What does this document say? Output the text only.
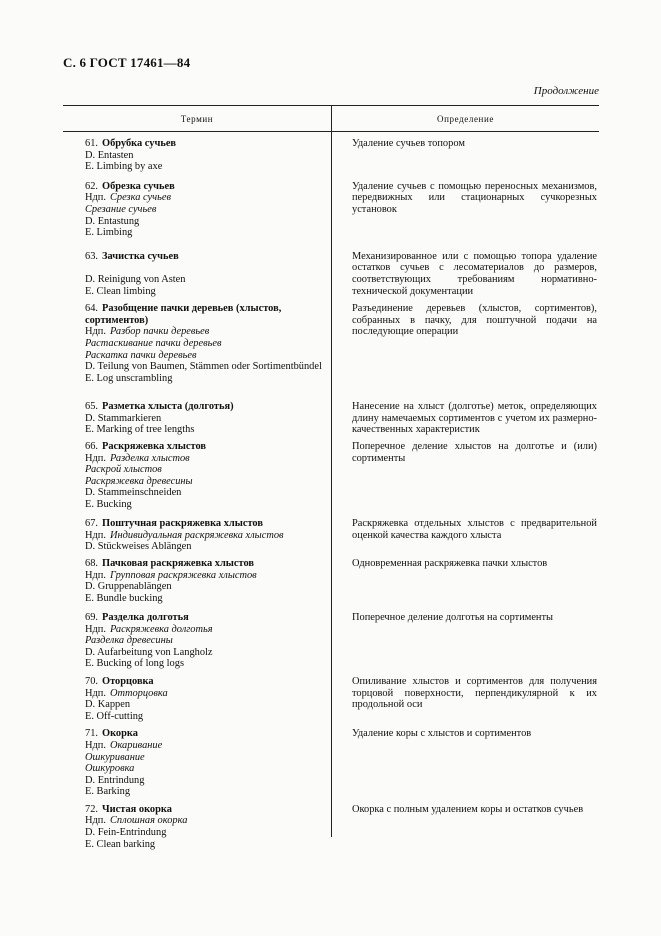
С. 6 ГОСТ 17461—84
Продолжение
Термин	Определение
61. Обрубка сучьев
D. Entasten
E. Limbing by axe
Удаление сучьев топором
62. Обрезка сучьев
Ндп. Срезка сучьев
Срезание сучьев
D. Entastung
E. Limbing
Удаление сучьев с помощью переносных механизмов, передвижных или стационарных сучкорезных установок
63. Зачистка сучьев
D. Reinigung von Asten
E. Clean limbing
Механизированное или с помощью топора удаление остатков сучьев с лесоматериалов до размеров, соответствующих требованиям нормативно-технической документации
64. Разобщение пачки деревьев (хлыстов, сортиментов)
Ндп. Разбор пачки деревьев
Растаскивание пачки деревьев
Раскатка пачки деревьев
D. Teilung von Baumen, Stämmen oder Sortimentbündel
E. Log unscrambling
Разъединение деревьев (хлыстов, сортиментов), собранных в пачку, для поштучной подачи на последующие операции
65. Разметка хлыста (долготья)
D. Stammarkieren
E. Marking of tree lengths
Нанесение на хлыст (долготье) меток, определяющих длину намечаемых сортиментов с учетом их размерно-качественных характеристик
66. Раскряжевка хлыстов
Ндп. Разделка хлыстов
Раскрой хлыстов
Раскряжевка древесины
D. Stammeinschneiden
E. Bucking
Поперечное деление хлыстов на долготье и (или) сортименты
67. Поштучная раскряжевка хлыстов
Ндп. Индивидуальная раскряжевка хлыстов
D. Stückweises Ablängen
Раскряжевка отдельных хлыстов с предварительной оценкой качества каждого хлыста
68. Пачковая раскряжевка хлыстов
Ндп. Групповая раскряжевка хлыстов
D. Gruppenablängen
E. Bundle bucking
Одновременная раскряжевка пачки хлыстов
69. Разделка долготья
Ндп. Раскряжевка долготья
Разделка древесины
D. Aufarbeitung von Langholz
E. Bucking of long logs
Поперечное деление долготья на сортименты
70. Оторцовка
Ндп. Отторцовка
D. Kappen
E. Off-cutting
Опиливание хлыстов и сортиментов для получения торцовой поверхности, перпендикулярной к их продольной оси
71. Окорка
Ндп. Окаривание
Ошкуривание
Ошкуровка
D. Entrindung
E. Barking
Удаление коры с хлыстов и сортиментов
72. Чистая окорка
Ндп. Сплошная окорка
D. Fein-Entrindung
E. Clean barking
Окорка с полным удалением коры и остатков сучьев
